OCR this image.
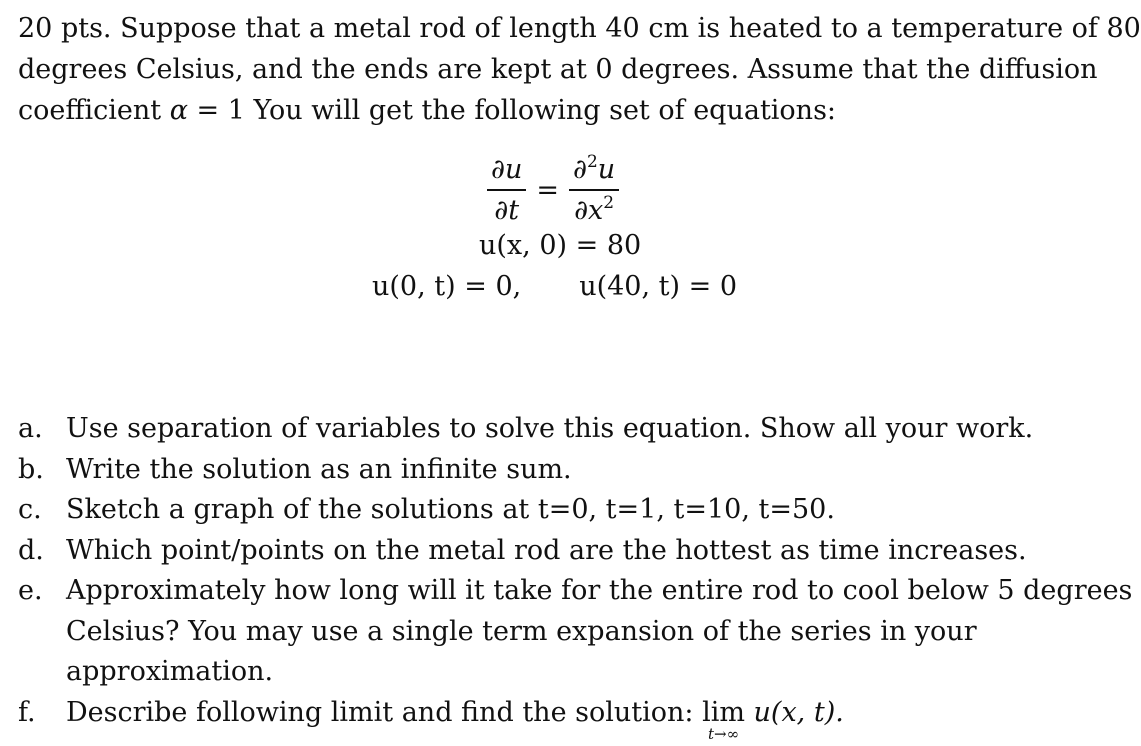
20 pts. Suppose that a metal rod of length 40 cm is heated to a temperature of 80
degrees Celsius, and the ends are kept at 0 degrees. Assume that the diffusion
coefficient α = 1 You will get the following set of equations:
$\frac{\partial u}{\partial t} = \frac{\partial^2u}{\partial x^2}$
u(x, 0) = 80
u(0, t) = 0, u(40, t) = 0
a. Use separation of variables to solve this equation. Show all your work.
b. Write the solution as an infinite sum.
c. Sketch a graph of the solutions at t=0, t=1, t=10, t=50.
d. Which point/points on the metal rod are the hottest as time increases.
e. Approximately how long will it take for the entire rod to cool below 5 degrees Celsius? You may use a single term expansion of the series in your approximation.
f.	Describe following limit and find the solution: lim
t→∞
u(x, t).
